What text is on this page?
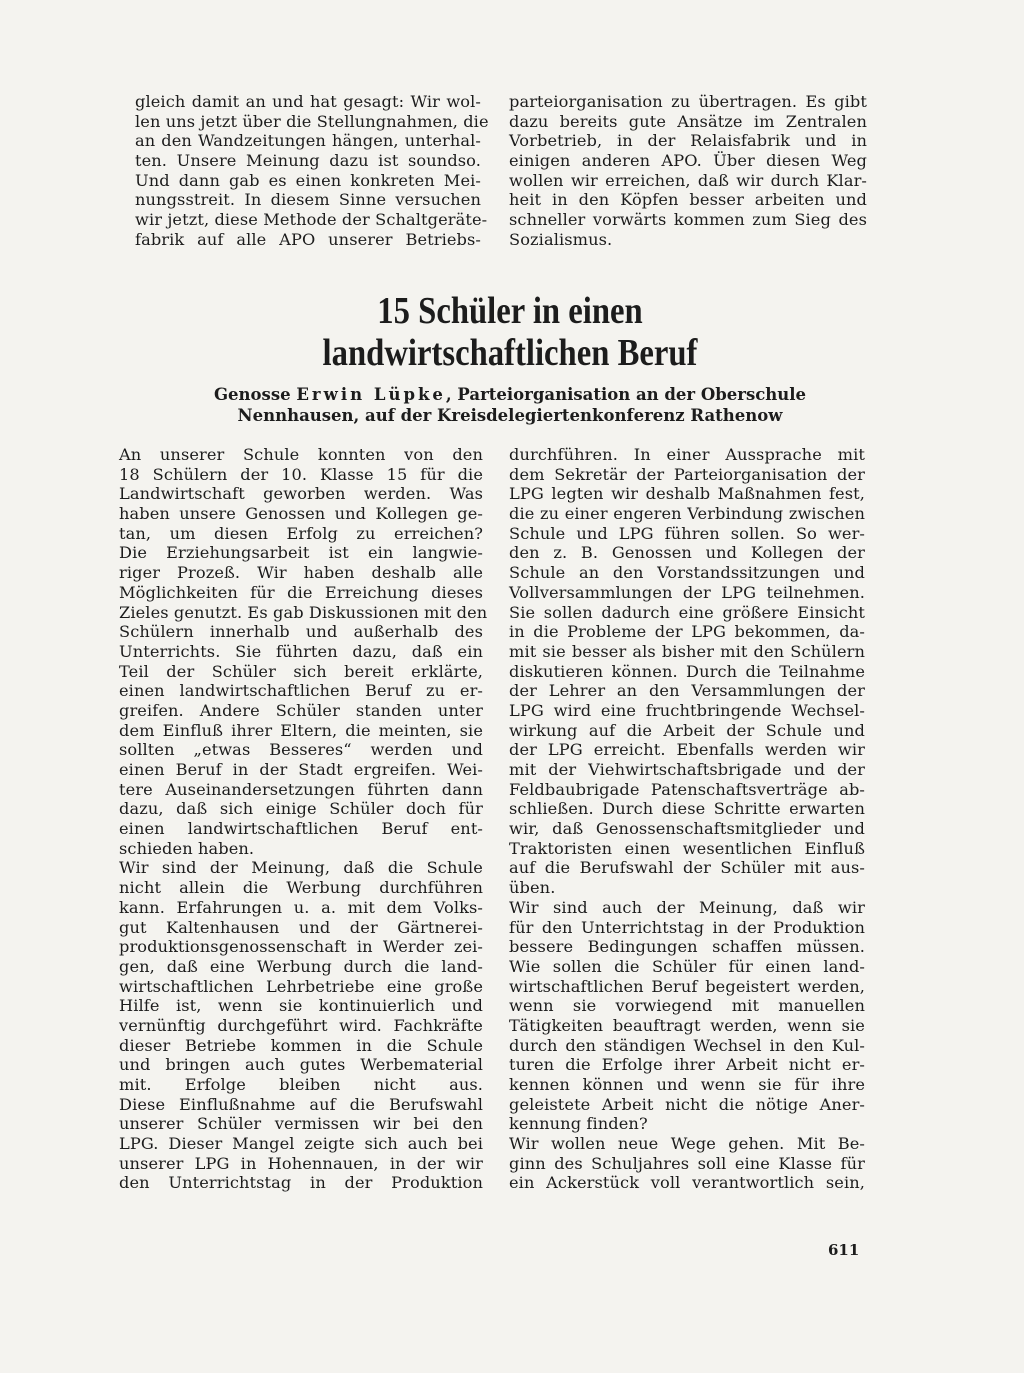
gleich damit an und hat gesagt: Wir wol-
len uns jetzt über die Stellungnahmen, die
an den Wandzeitungen hängen, unterhal-
ten. Unsere Meinung dazu ist soundso.
Und dann gab es einen konkreten Mei-
nungsstreit. In diesem Sinne versuchen
wir jetzt, diese Methode der Schaltgeräte-
fabrik auf alle APO unserer Betriebs-
parteiorganisation zu übertragen. Es gibt
dazu bereits gute Ansätze im Zentralen
Vorbetrieb, in der Relaisfabrik und in
einigen anderen APO. Über diesen Weg
wollen wir erreichen, daß wir durch Klar-
heit in den Köpfen besser arbeiten und
schneller vorwärts kommen zum Sieg des
Sozialismus.
15 Schüler in einen
landwirtschaftlichen Beruf
Genosse Erwin Lüpke, Parteiorganisation an der Oberschule
Nennhausen, auf der Kreisdelegiertenkonferenz Rathenow
An unserer Schule konnten von den
18 Schülern der 10. Klasse 15 für die
Landwirtschaft geworben werden. Was
haben unsere Genossen und Kollegen ge-
tan, um diesen Erfolg zu erreichen?
Die Erziehungsarbeit ist ein langwie-
riger Prozeß. Wir haben deshalb alle
Möglichkeiten für die Erreichung dieses
Zieles genutzt. Es gab Diskussionen mit den
Schülern innerhalb und außerhalb des
Unterrichts. Sie führten dazu, daß ein
Teil der Schüler sich bereit erklärte,
einen landwirtschaftlichen Beruf zu er-
greifen. Andere Schüler standen unter
dem Einfluß ihrer Eltern, die meinten, sie
sollten „etwas Besseres“ werden und
einen Beruf in der Stadt ergreifen. Wei-
tere Auseinandersetzungen führten dann
dazu, daß sich einige Schüler doch für
einen landwirtschaftlichen Beruf ent-
schieden haben.
Wir sind der Meinung, daß die Schule
nicht allein die Werbung durchführen
kann. Erfahrungen u. a. mit dem Volks-
gut Kaltenhausen und der Gärtnerei-
produktionsgenossenschaft in Werder zei-
gen, daß eine Werbung durch die land-
wirtschaftlichen Lehrbetriebe eine große
Hilfe ist, wenn sie kontinuierlich und
vernünftig durchgeführt wird. Fachkräfte
dieser Betriebe kommen in die Schule
und bringen auch gutes Werbematerial
mit. Erfolge bleiben nicht aus.
Diese Einflußnahme auf die Berufswahl
unserer Schüler vermissen wir bei den
LPG. Dieser Mangel zeigte sich auch bei
unserer LPG in Hohennauen, in der wir
den Unterrichtstag in der Produktion
durchführen. In einer Aussprache mit
dem Sekretär der Parteiorganisation der
LPG legten wir deshalb Maßnahmen fest,
die zu einer engeren Verbindung zwischen
Schule und LPG führen sollen. So wer-
den z. B. Genossen und Kollegen der
Schule an den Vorstandssitzungen und
Vollversammlungen der LPG teilnehmen.
Sie sollen dadurch eine größere Einsicht
in die Probleme der LPG bekommen, da-
mit sie besser als bisher mit den Schülern
diskutieren können. Durch die Teilnahme
der Lehrer an den Versammlungen der
LPG wird eine fruchtbringende Wechsel-
wirkung auf die Arbeit der Schule und
der LPG erreicht. Ebenfalls werden wir
mit der Viehwirtschaftsbrigade und der
Feldbaubrigade Patenschaftsverträge ab-
schließen. Durch diese Schritte erwarten
wir, daß Genossenschaftsmitglieder und
Traktoristen einen wesentlichen Einfluß
auf die Berufswahl der Schüler mit aus-
üben.
Wir sind auch der Meinung, daß wir
für den Unterrichtstag in der Produktion
bessere Bedingungen schaffen müssen.
Wie sollen die Schüler für einen land-
wirtschaftlichen Beruf begeistert werden,
wenn sie vorwiegend mit manuellen
Tätigkeiten beauftragt werden, wenn sie
durch den ständigen Wechsel in den Kul-
turen die Erfolge ihrer Arbeit nicht er-
kennen können und wenn sie für ihre
geleistete Arbeit nicht die nötige Aner-
kennung finden?
Wir wollen neue Wege gehen. Mit Be-
ginn des Schuljahres soll eine Klasse für
ein Ackerstück voll verantwortlich sein,
611
